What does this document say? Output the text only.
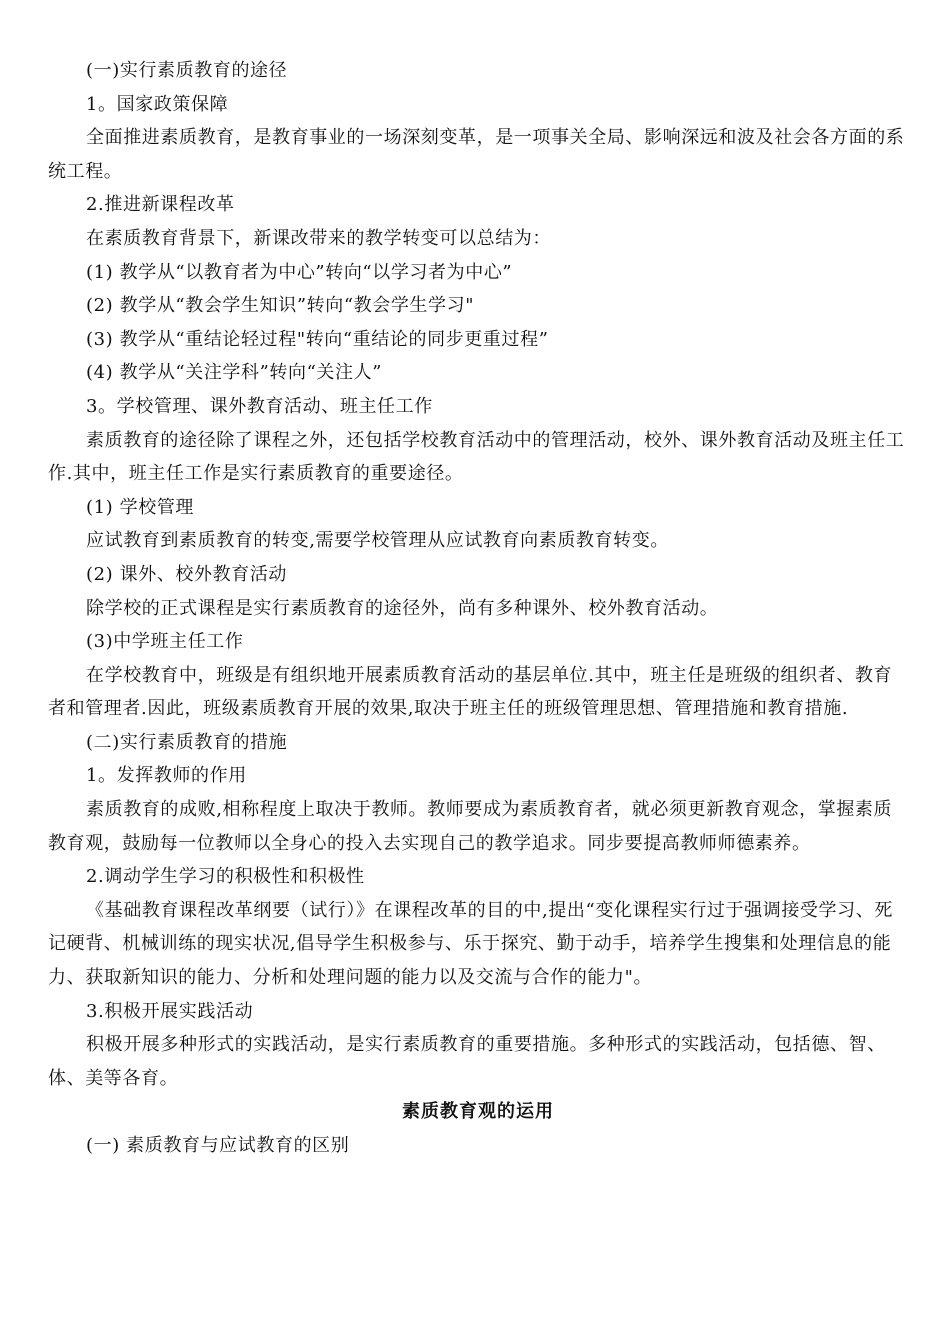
(一)实行素质教育的途径

1。国家政策保障

全面推进素质教育，是教育事业的一场深刻变革，是一项事关全局、影响深远和波及社会各方面的系统工程。

2.推进新课程改革

在素质教育背景下，新课改带来的教学转变可以总结为：

(1) 教学从“以教育者为中心”转向“以学习者为中心”

(2) 教学从“教会学生知识”转向“教会学生学习"

(3) 教学从“重结论轻过程"转向“重结论的同步更重过程”

(4) 教学从“关注学科”转向“关注人”

3。学校管理、课外教育活动、班主任工作

素质教育的途径除了课程之外，还包括学校教育活动中的管理活动，校外、课外教育活动及班主任工作.其中，班主任工作是实行素质教育的重要途径。

(1) 学校管理

应试教育到素质教育的转变,需要学校管理从应试教育向素质教育转变。

(2) 课外、校外教育活动

除学校的正式课程是实行素质教育的途径外，尚有多种课外、校外教育活动。

(3)中学班主任工作

在学校教育中，班级是有组织地开展素质教育活动的基层单位.其中，班主任是班级的组织者、教育者和管理者.因此，班级素质教育开展的效果,取决于班主任的班级管理思想、管理措施和教育措施.

(二)实行素质教育的措施

1。发挥教师的作用

素质教育的成败,相称程度上取决于教师。教师要成为素质教育者，就必须更新教育观念，掌握素质教育观，鼓励每一位教师以全身心的投入去实现自己的教学追求。同步要提高教师师德素养。

2.调动学生学习的积极性和积极性

《基础教育课程改革纲要（试行）》在课程改革的目的中,提出“变化课程实行过于强调接受学习、死记硬背、机械训练的现实状况,倡导学生积极参与、乐于探究、勤于动手，培养学生搜集和处理信息的能力、获取新知识的能力、分析和处理问题的能力以及交流与合作的能力"。

3.积极开展实践活动

积极开展多种形式的实践活动，是实行素质教育的重要措施。多种形式的实践活动，包括德、智、体、美等各育。

素质教育观的运用

(一) 素质教育与应试教育的区别
